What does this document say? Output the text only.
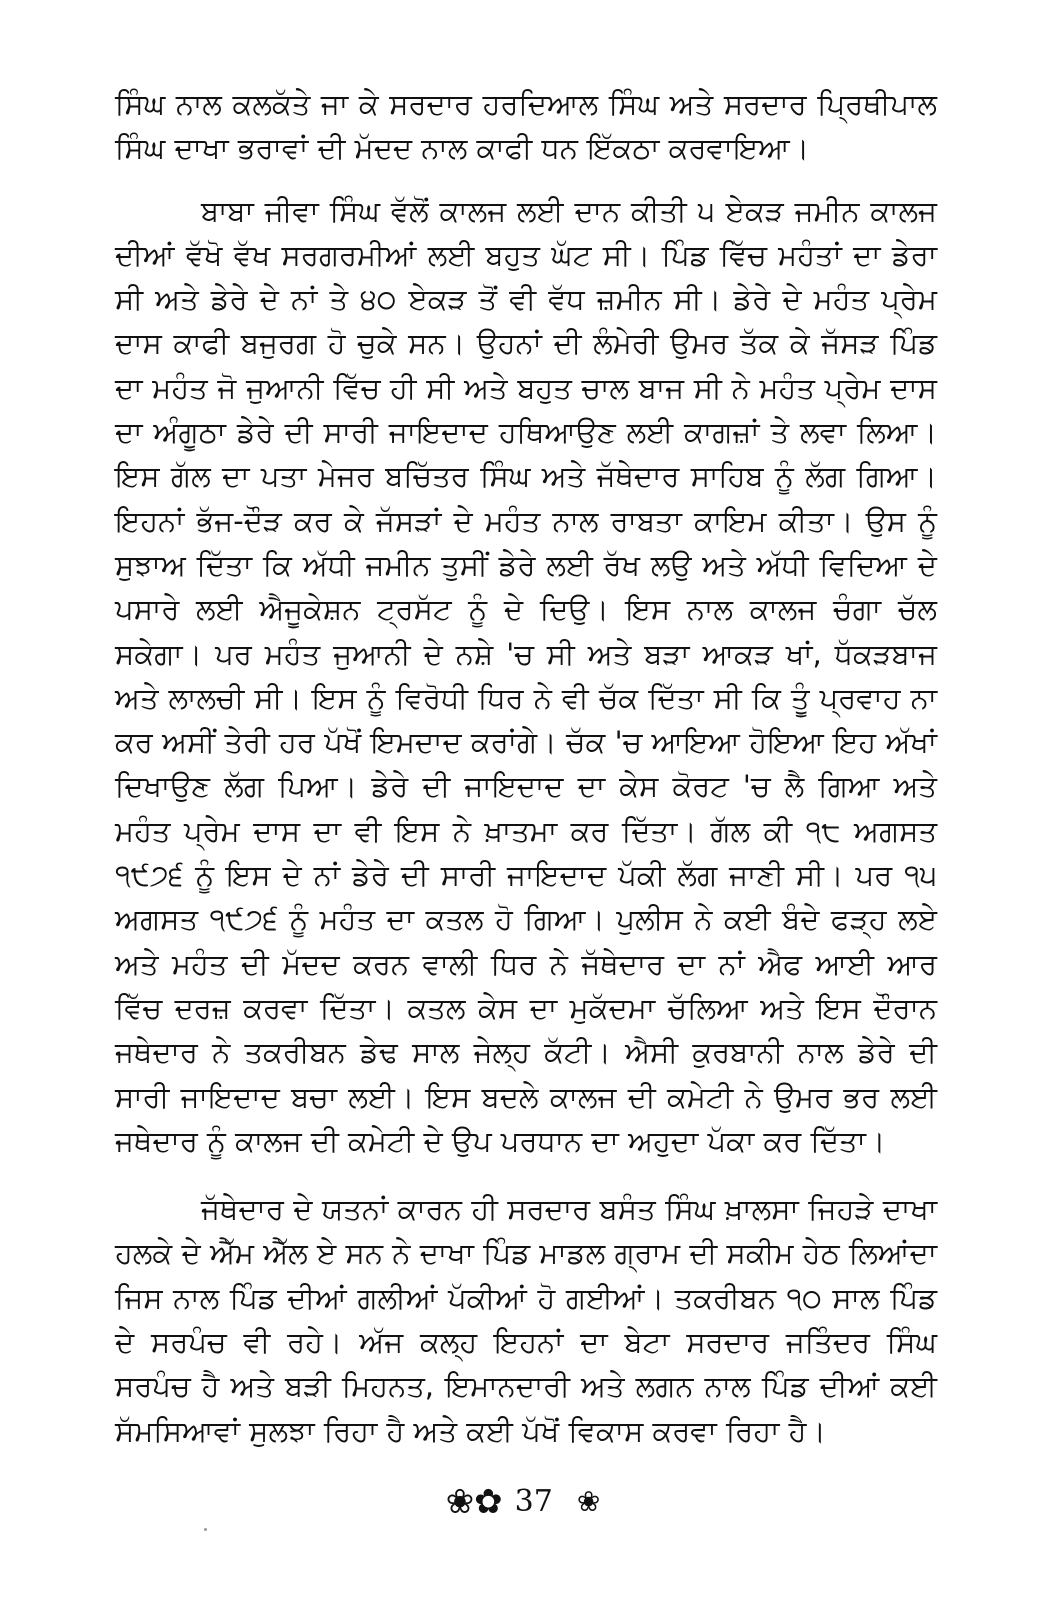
ਸਿੰਘ ਨਾਲ ਕਲਕੱਤੇ ਜਾ ਕੇ ਸਰਦਾਰ ਹਰਦਿਆਲ ਸਿੰਘ ਅਤੇ ਸਰਦਾਰ ਪ੍ਰਿਥੀਪਾਲ ਸਿੰਘ ਦਾਖਾ ਭਰਾਵਾਂ ਦੀ ਮੱਦਦ ਨਾਲ ਕਾਫੀ ਧਨ ਇੱਕਠਾ ਕਰਵਾਇਆ।

ਬਾਬਾ ਜੀਵਾ ਸਿੰਘ ਵੱਲੋਂ ਕਾਲਜ ਲਈ ਦਾਨ ਕੀਤੀ ੫ ਏਕੜ ਜਮੀਨ ਕਾਲਜ ਦੀਆਂ ਵੱਖੋ ਵੱਖ ਸਰਗਰਮੀਆਂ ਲਈ ਬਹੁਤ ਘੱਟ ਸੀ। ਪਿੰਡ ਵਿੱਚ ਮਹੰਤਾਂ ਦਾ ਡੇਰਾ ਸੀ ਅਤੇ ਡੇਰੇ ਦੇ ਨਾਂ ਤੇ ੪੦ ਏਕੜ ਤੋਂ ਵੀ ਵੱਧ ਜ਼ਮੀਨ ਸੀ। ਡੇਰੇ ਦੇ ਮਹੰਤ ਪ੍ਰੇਮ ਦਾਸ ਕਾਫੀ ਬਜੁਰਗ ਹੋ ਚੁਕੇ ਸਨ। ਉਹਨਾਂ ਦੀ ਲੰਮੇਰੀ ਉਮਰ ਤੱਕ ਕੇ ਜੱਸੜ ਪਿੰਡ ਦਾ ਮਹੰਤ ਜੋ ਜੁਆਨੀ ਵਿੱਚ ਹੀ ਸੀ ਅਤੇ ਬਹੁਤ ਚਾਲ ਬਾਜ ਸੀ ਨੇ ਮਹੰਤ ਪ੍ਰੇਮ ਦਾਸ ਦਾ ਅੰਗੂਠਾ ਡੇਰੇ ਦੀ ਸਾਰੀ ਜਾਇਦਾਦ ਹਥਿਆਉਣ ਲਈ ਕਾਗਜ਼ਾਂ ਤੇ ਲਵਾ ਲਿਆ। ਇਸ ਗੱਲ ਦਾ ਪਤਾ ਮੇਜਰ ਬਚਿੱਤਰ ਸਿੰਘ ਅਤੇ ਜੱਥੇਦਾਰ ਸਾਹਿਬ ਨੂੰ ਲੱਗ ਗਿਆ। ਇਹਨਾਂ ਭੱਜ-ਦੌੜ ਕਰ ਕੇ ਜੱਸੜਾਂ ਦੇ ਮਹੰਤ ਨਾਲ ਰਾਬਤਾ ਕਾਇਮ ਕੀਤਾ। ਉਸ ਨੂੰ ਸੁਝਾਅ ਦਿੱਤਾ ਕਿ ਅੱਧੀ ਜਮੀਨ ਤੁਸੀਂ ਡੇਰੇ ਲਈ ਰੱਖ ਲਉ ਅਤੇ ਅੱਧੀ ਵਿਦਿਆ ਦੇ ਪਸਾਰੇ ਲਈ ਐਜੂਕੇਸ਼ਨ ਟ੍ਰਸੱਟ ਨੂੰ ਦੇ ਦਿਉ। ਇਸ ਨਾਲ ਕਾਲਜ ਚੰਗਾ ਚੱਲ ਸਕੇਗਾ। ਪਰ ਮਹੰਤ ਜੁਆਨੀ ਦੇ ਨਸ਼ੇ 'ਚ ਸੀ ਅਤੇ ਬੜਾ ਆਕੜ ਖਾਂ, ਧੱਕੜਬਾਜ ਅਤੇ ਲਾਲਚੀ ਸੀ। ਇਸ ਨੂੰ ਵਿਰੋਧੀ ਧਿਰ ਨੇ ਵੀ ਚੱਕ ਦਿੱਤਾ ਸੀ ਕਿ ਤੂੰ ਪ੍ਰਵਾਹ ਨਾ ਕਰ ਅਸੀਂ ਤੇਰੀ ਹਰ ਪੱਖੋਂ ਇਮਦਾਦ ਕਰਾਂਗੇ। ਚੱਕ 'ਚ ਆਇਆ ਹੋਇਆ ਇਹ ਅੱਖਾਂ ਦਿਖਾਉਣ ਲੱਗ ਪਿਆ। ਡੇਰੇ ਦੀ ਜਾਇਦਾਦ ਦਾ ਕੇਸ ਕੋਰਟ 'ਚ ਲੈ ਗਿਆ ਅਤੇ ਮਹੰਤ ਪ੍ਰੇਮ ਦਾਸ ਦਾ ਵੀ ਇਸ ਨੇ ਖ਼ਾਤਮਾ ਕਰ ਦਿੱਤਾ। ਗੱਲ ਕੀ ੧੮ ਅਗਸਤ ੧੯੭੬ ਨੂੰ ਇਸ ਦੇ ਨਾਂ ਡੇਰੇ ਦੀ ਸਾਰੀ ਜਾਇਦਾਦ ਪੱਕੀ ਲੱਗ ਜਾਣੀ ਸੀ। ਪਰ ੧੫ ਅਗਸਤ ੧੯੭੬ ਨੂੰ ਮਹੰਤ ਦਾ ਕਤਲ ਹੋ ਗਿਆ। ਪੁਲੀਸ ਨੇ ਕਈ ਬੰਦੇ ਫੜ੍ਹ ਲਏ ਅਤੇ ਮਹੰਤ ਦੀ ਮੱਦਦ ਕਰਨ ਵਾਲੀ ਧਿਰ ਨੇ ਜੱਥੇਦਾਰ ਦਾ ਨਾਂ ਐਫ ਆਈ ਆਰ ਵਿੱਚ ਦਰਜ਼ ਕਰਵਾ ਦਿੱਤਾ। ਕਤਲ ਕੇਸ ਦਾ ਮੁਕੱਦਮਾ ਚੱਲਿਆ ਅਤੇ ਇਸ ਦੌਰਾਨ ਜਥੇਦਾਰ ਨੇ ਤਕਰੀਬਨ ਡੇਢ ਸਾਲ ਜੇਲ੍ਹ ਕੱਟੀ। ਐਸੀ ਕੁਰਬਾਨੀ ਨਾਲ ਡੇਰੇ ਦੀ ਸਾਰੀ ਜਾਇਦਾਦ ਬਚਾ ਲਈ। ਇਸ ਬਦਲੇ ਕਾਲਜ ਦੀ ਕਮੇਟੀ ਨੇ ਉਮਰ ਭਰ ਲਈ ਜਥੇਦਾਰ ਨੂੰ ਕਾਲਜ ਦੀ ਕਮੇਟੀ ਦੇ ਉਪ ਪਰਧਾਨ ਦਾ ਅਹੁਦਾ ਪੱਕਾ ਕਰ ਦਿੱਤਾ।

ਜੱਥੇਦਾਰ ਦੇ ਯਤਨਾਂ ਕਾਰਨ ਹੀ ਸਰਦਾਰ ਬਸੰਤ ਸਿੰਘ ਖ਼ਾਲਸਾ ਜਿਹੜੇ ਦਾਖਾ ਹਲਕੇ ਦੇ ਐੱਮ ਐੱਲ ਏ ਸਨ ਨੇ ਦਾਖਾ ਪਿੰਡ ਮਾਡਲ ਗ੍ਰਾਮ ਦੀ ਸਕੀਮ ਹੇਠ ਲਿਆਂਦਾ ਜਿਸ ਨਾਲ ਪਿੰਡ ਦੀਆਂ ਗਲੀਆਂ ਪੱਕੀਆਂ ਹੋ ਗਈਆਂ। ਤਕਰੀਬਨ ੧੦ ਸਾਲ ਪਿੰਡ ਦੇ ਸਰਪੰਚ ਵੀ ਰਹੇ। ਅੱਜ ਕਲ੍ਹ ਇਹਨਾਂ ਦਾ ਬੇਟਾ ਸਰਦਾਰ ਜਤਿੰਦਰ ਸਿੰਘ ਸਰਪੰਚ ਹੈ ਅਤੇ ਬੜੀ ਮਿਹਨਤ, ਇਮਾਨਦਾਰੀ ਅਤੇ ਲਗਨ ਨਾਲ ਪਿੰਡ ਦੀਆਂ ਕਈ ਸੱਮਸਿਆਵਾਂ ਸੁਲਝਾ ਰਿਹਾ ਹੈ ਅਤੇ ਕਈ ਪੱਖੋਂ ਵਿਕਾਸ ਕਰਵਾ ਰਿਹਾ ਹੈ।

❀✿ 37 ❀
